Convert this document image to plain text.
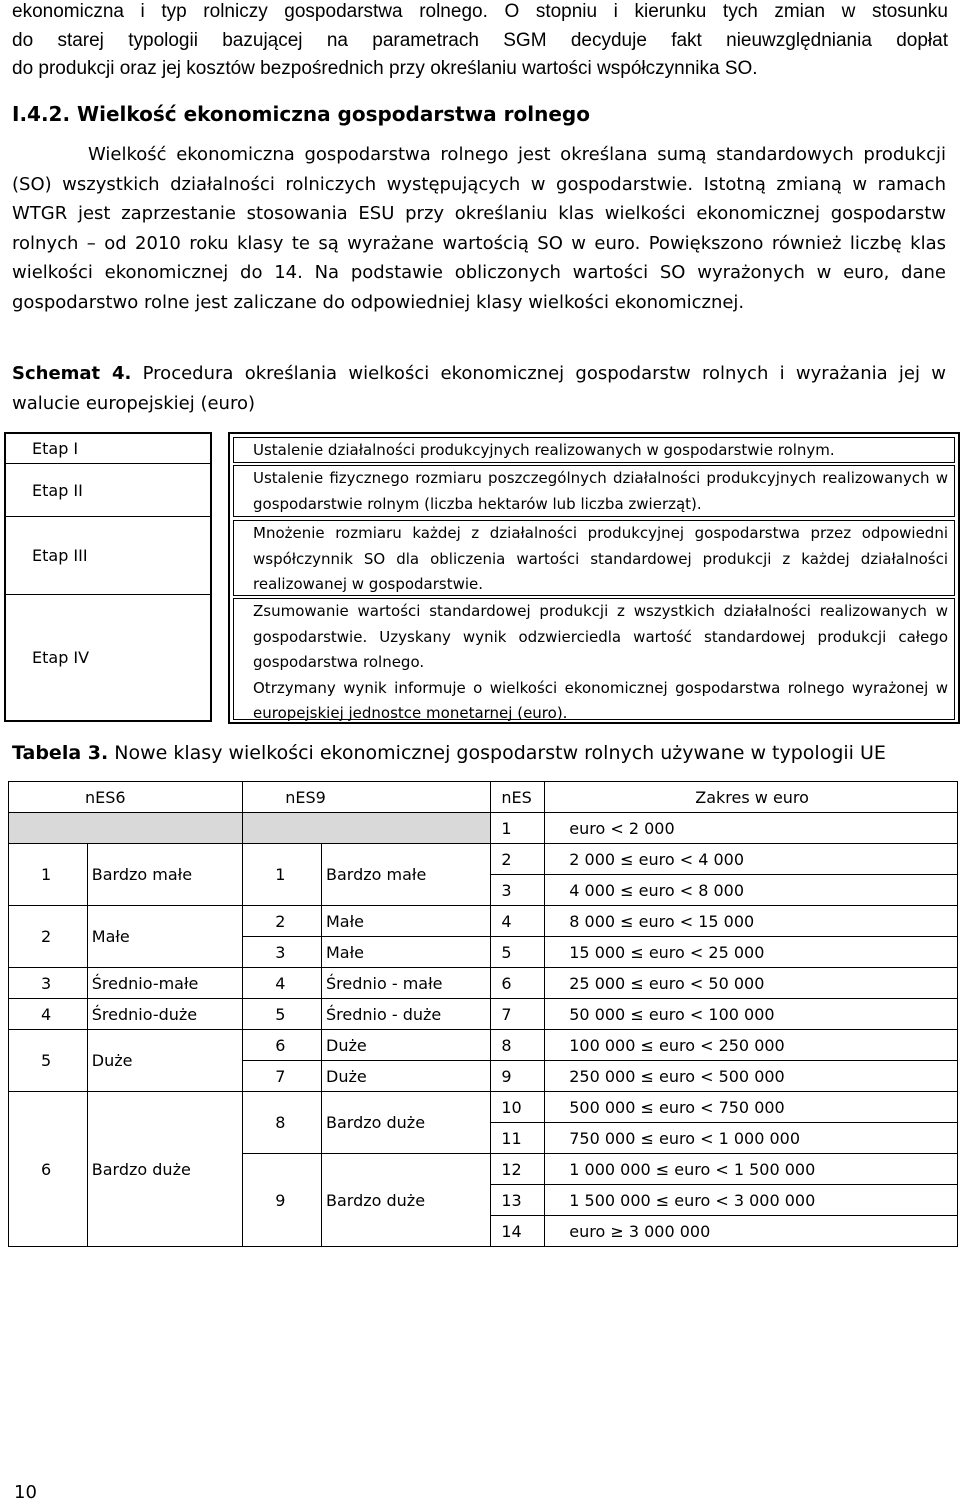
ekonomiczna i typ rolniczy gospodarstwa rolnego. O stopniu i kierunku tych zmian w stosunku
do starej typologii bazującej na parametrach SGM decyduje fakt nieuwzględniania dopłat
do produkcji oraz jej kosztów bezpośrednich przy określaniu wartości współczynnika SO.
I.4.2. Wielkość ekonomiczna gospodarstwa rolnego
Wielkość ekonomiczna gospodarstwa rolnego jest określana sumą standardowych produkcji (SO) wszystkich działalności rolniczych występujących w gospodarstwie. Istotną zmianą w ramach WTGR jest zaprzestanie stosowania ESU przy określaniu klas wielkości ekonomicznej gospodarstw rolnych – od 2010 roku klasy te są wyrażane wartością SO w euro. Powiększono również liczbę klas wielkości ekonomicznej do 14. Na podstawie obliczonych wartości SO wyrażonych w euro, dane gospodarstwo rolne jest zaliczane do odpowiedniej klasy wielkości ekonomicznej.
Schemat 4. Procedura określania wielkości ekonomicznej gospodarstw rolnych i wyrażania jej w walucie europejskiej (euro)
Etap I
Etap II
Etap III
Etap IV
Ustalenie działalności produkcyjnych realizowanych w gospodarstwie rolnym.
Ustalenie fizycznego rozmiaru poszczególnych działalności produkcyjnych realizowanych w gospodarstwie rolnym (liczba hektarów lub liczba zwierząt).
Mnożenie rozmiaru każdej z działalności produkcyjnej gospodarstwa przez odpowiedni współczynnik SO dla obliczenia wartości standardowej produkcji z każdej działalności realizowanej w gospodarstwie.
Zsumowanie wartości standardowej produkcji z wszystkich działalności realizowanych w gospodarstwie. Uzyskany wynik odzwierciedla wartość standardowej produkcji całego gospodarstwa rolnego.
Otrzymany wynik informuje o wielkości ekonomicznej gospodarstwa rolnego wyrażonej w europejskiej jednostce monetarnej (euro).
Tabela 3. Nowe klasy wielkości ekonomicznej gospodarstw rolnych używane w typologii UE
nES6		nES9		nES	Zakres w euro
				1	euro < 2 000
1	Bardzo małe	1	Bardzo małe	2	2 000 ≤ euro < 4 000
				3	4 000 ≤ euro < 8 000
2	Małe	2	Małe	4	8 000 ≤ euro < 15 000
		3	Małe	5	15 000 ≤ euro < 25 000
3	Średnio-małe	4	Średnio - małe	6	25 000 ≤ euro < 50 000
4	Średnio-duże	5	Średnio - duże	7	50 000 ≤ euro < 100 000
5	Duże	6	Duże	8	100 000 ≤ euro < 250 000
		7	Duże	9	250 000 ≤ euro < 500 000
6	Bardzo duże	8	Bardzo duże	10	500 000 ≤ euro < 750 000
				11	750 000 ≤ euro < 1 000 000
		9	Bardzo duże	12	1 000 000 ≤ euro < 1 500 000
				13	1 500 000 ≤ euro < 3 000 000
				14	euro ≥ 3 000 000
10
